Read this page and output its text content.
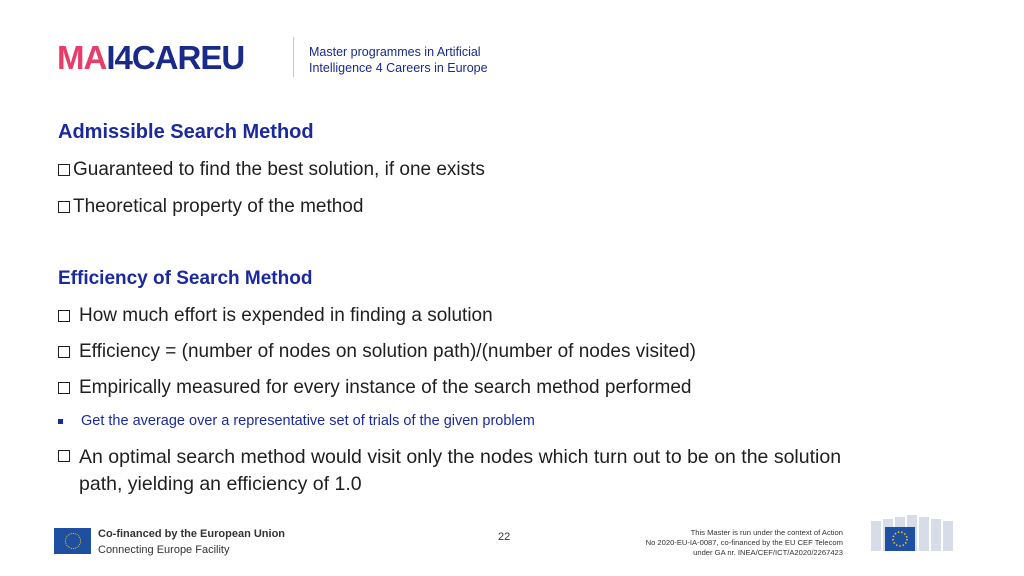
MAI4CAREU	Master programmes in Artificial Intelligence 4 Careers in Europe
Admissible Search Method
Guaranteed to find the best solution, if one exists
Theoretical property of the method
Efficiency of Search Method
How much effort is expended in finding a solution
Efficiency = (number of nodes on solution path)/(number of nodes visited)
Empirically measured for every instance of the search method performed
Get the average over a representative set of trials of the given problem
An optimal search method would visit only the nodes which turn out to be on the solution path, yielding an efficiency of 1.0
Co-financed by the European Union
Connecting Europe Facility
22	This Master is run under the context of Action
No 2020-EU-IA-0087, co-financed by the EU CEF Telecom
under GA nr. INEA/CEF/ICT/A2020/2267423
